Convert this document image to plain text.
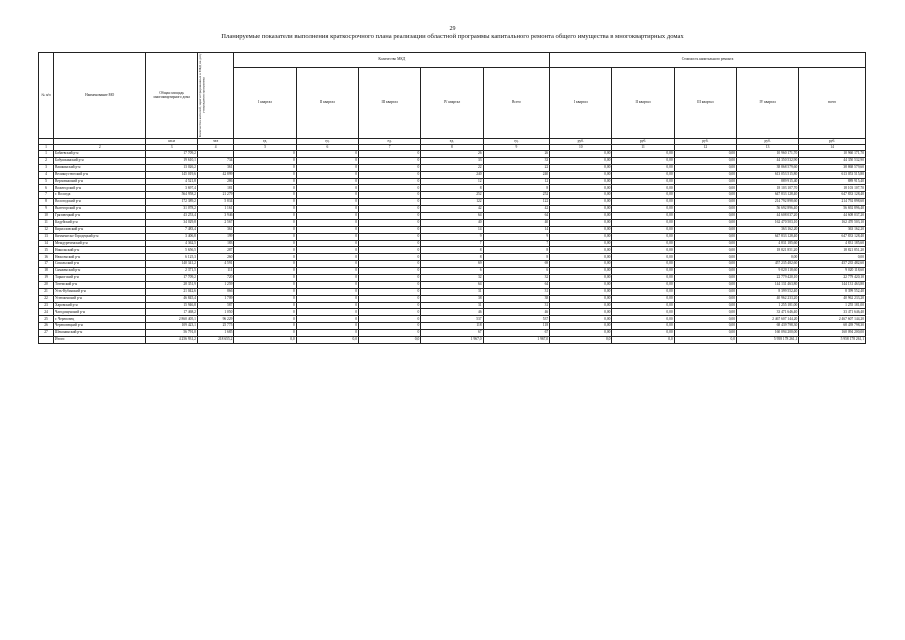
29
Планируемые показатели выполнения краткосрочного плана реализации областной программы капитального ремонта общего имущества в многоквартирных домах
№ п/п	Наименование МО	Общая площадь многоквартирного дома	Количество жителей, зарегистрированных в МКД на дату утверждения программы	Количество МКД					Стоимость капитального ремонта				
				I квартал	II квартал	III квартал	IV квартал	Всего	I квартал	II квартал	III квартал	IV квартал	всего
		кв.м	чел	ед.	ед.	ед.	ед.	ед.	руб.	руб.	руб.	руб.	руб.
1	2	3	4	5	6	7	8	9	10	11	12	13	14
1	Бабаевский р-н	17 709,2		0	0	0	26	26	0,00	0,00	0,00	10 960 171,70	10 960 171,70
2	Бабушкинский р-н	19 610,1	734	0	0	0	33	33	0,00	0,00	0,00	44 350 532,90	44 350 532,90
3	Вашкинский р-н	13 026,2	361	0	0	0	22	22	0,00	0,00	0,00	38 868 579,60	38 868 579,60
4	Великоустюгский р-н	145 019,6	42 899	0	0	0	240	240	0,00	0,00	0,00	613 053 515,80	613 053 515,80
5	Верховажский р-н	4 521,8	286	0	0	0	12	12	0,00	0,00	0,00	889 915,40	889 915,40
6	Вожегодский р-н	3 697,4	181	0	0	0	8	8	0,00	0,00	0,00	18 103 107,70	18 103 107,70
7	г. Вологда	564 958,2	21 279	0	0	0	252	252	0,00	0,00	0,00	647 833 128,40	647 833 128,40
8	Вологодский р-н	172 389,2	5 834	0	0	0	122	122	0,00	0,00	0,00	214 792 898,60	214 792 898,60
9	Вытегорский р-н	31 078,2	1 161	0	0	0	42	42	0,00	0,00	0,00	56 692 896,40	56 692 896,40
10	Грязовецкий р-н	43 253,4	3 946	0	0	0	64	64	0,00	0,00	0,00	44 608 037,20	44 608 037,20
11	Кадуйский р-н	34 029,8	2 567	0	0	0	40	40	0,00	0,00	0,00	162 470 503,10	162 470 503,10
12	Кирилловский р-н	7 483,4	361	0	0	0	14	14	0,00	0,00	0,00	363 162,20	363 162,20
13	Кичменгско-Городецкий р-н	3 406,8	199	0	0	0	9	9	0,00	0,00	0,00	647 833 128,40	647 833 128,40
14	Междуреченский р-н	4 362,5	183	0	0	0	7	7	0,00	0,00	0,00	4 831 185,60	4 831 185,60
15	Никольский р-н	5 656,5	287	0	0	0	8	8	0,00	0,00	0,00	18 821 851,20	18 821 851,20
16	Нюксенский р-н	6 125,3	260	0	0	0	8	8	0,00	0,00	0,00	0,00	0,00
17	Сокольский р-н	140 341,2	4 591	0	0	0	69	69	0,00	0,00	0,00	457 235 482,60	457 235 482,60
18	Сямженский р-н	2 371,5	111	0	0	0	6	6	0,00	0,00	0,00	9 020 118,60	9 020 118,60
19	Тарногский р-н	17 709,2	720	0	0	0	32	32	0,00	0,00	0,00	22 779 420,10	22 779 420,10
20	Тотемский р-н	28 351,9	1 259	0	0	0	64	64	0,00	0,00	0,00	144 131 463,80	144 131 463,80
21	Усть-Кубинский р-н	21 042,6	866	0	0	0	31	31	0,00	0,00	0,00	8 399 552,40	8 399 552,40
22	Устюженский р-н	46 845,4	1 709	0	0	0	38	38	0,00	0,00	0,00	40 962 233,20	40 962 233,20
23	Харовский р-н	15 946,8	587	0	0	0	31	31	0,00	0,00	0,00	1 255 181,00	1 255 181,00
24	Чагодощенский р-н	17 468,2	1 050	0	0	0	46	46	0,00	0,00	0,00	33 471 646,40	33 471 646,40
25	г. Череповец	2 860 405,1	96 229	0	0	0	537	537	0,00	0,00	0,00	2 467 607 144,20	2 467 607 144,20
26	Череповецкий р-н	109 423,1	25 775	0	0	0	118	118	0,00	0,00	0,00	68 439 798,30	68 439 798,30
27	Шекснинский р-н	56 791,0	1 685	0	0	0	67	67	0,00	0,00	0,00	160 094 200,00	160 094 200,00
	Итого:	4 256 931,2	218 655,2	0,0	0,0	0,0	1 967,0	1 967,0	0,0	0,0	0,0	5 958 178 261,1	5 958 178 261,1
